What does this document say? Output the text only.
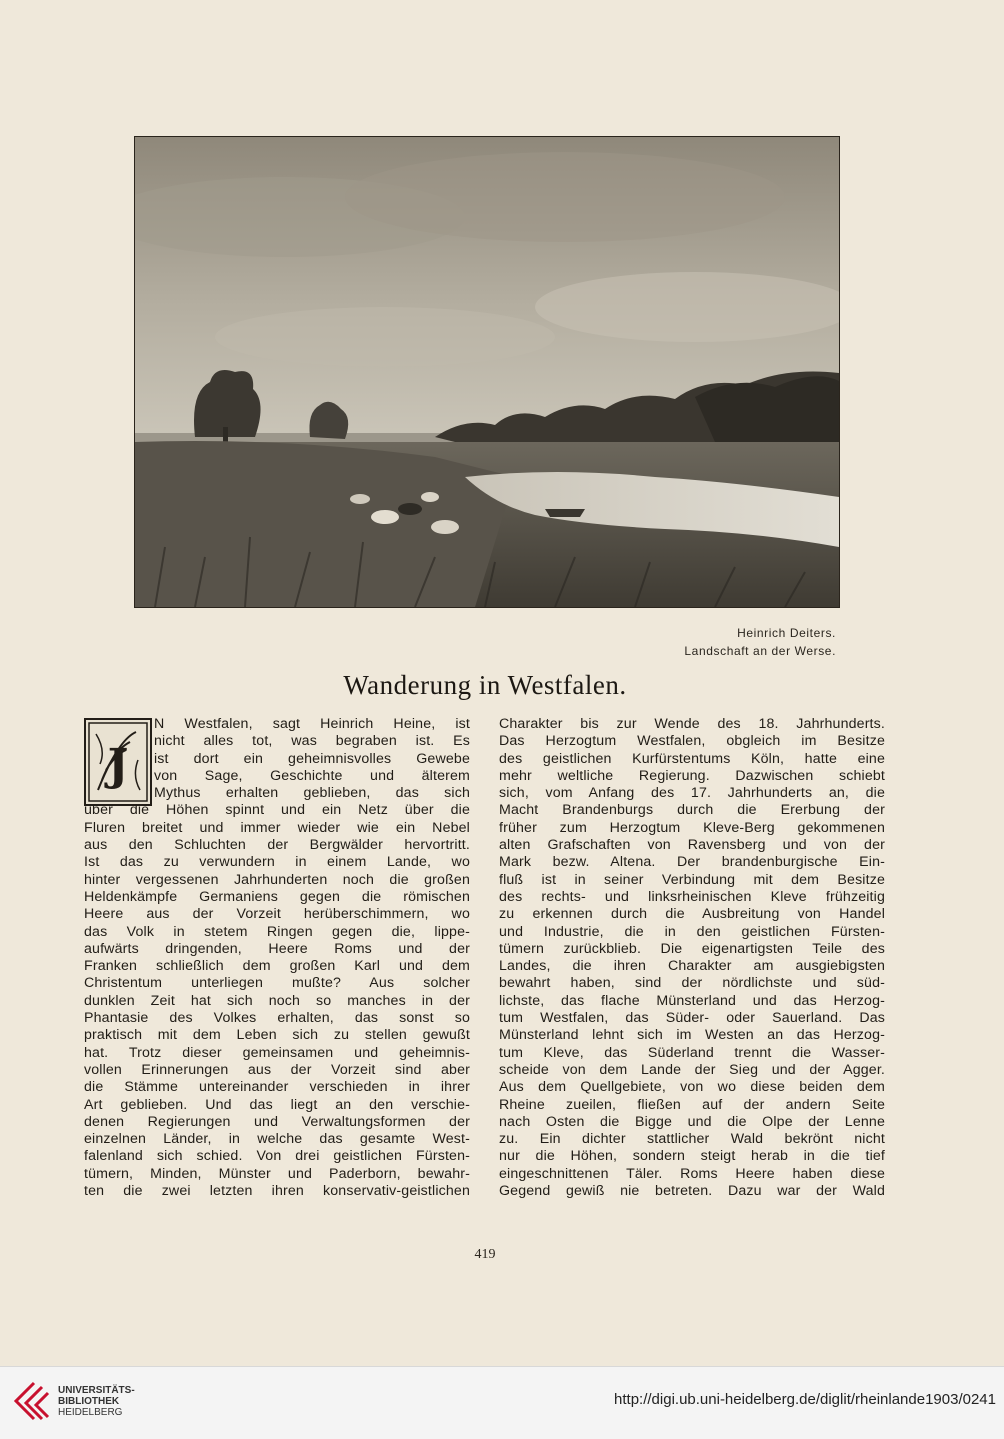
Heinrich Deiters.
Landschaft an der Werse.
Wanderung in Westfalen.
J
N Westfalen, sagt Heinrich Heine, ist
nicht alles tot, was begraben ist. Es
ist dort ein geheimnisvolles Gewebe
von Sage, Geschichte und älterem
Mythus erhalten geblieben, das sich
über die Höhen spinnt und ein Netz über die
Fluren breitet und immer wieder wie ein Nebel
aus den Schluchten der Bergwälder hervortritt.
Ist das zu verwundern in einem Lande, wo
hinter vergessenen Jahrhunderten noch die großen
Heldenkämpfe Germaniens gegen die römischen
Heere aus der Vorzeit herüberschimmern, wo
das Volk in stetem Ringen gegen die, lippe-
aufwärts dringenden, Heere Roms und der
Franken schließlich dem großen Karl und dem
Christentum unterliegen mußte? Aus solcher
dunklen Zeit hat sich noch so manches in der
Phantasie des Volkes erhalten, das sonst so
praktisch mit dem Leben sich zu stellen gewußt
hat. Trotz dieser gemeinsamen und geheimnis-
vollen Erinnerungen aus der Vorzeit sind aber
die Stämme untereinander verschieden in ihrer
Art geblieben. Und das liegt an den verschie-
denen Regierungen und Verwaltungsformen der
einzelnen Länder, in welche das gesamte West-
falenland sich schied. Von drei geistlichen Fürsten-
tümern, Minden, Münster und Paderborn, bewahr-
ten die zwei letzten ihren konservativ-geistlichen
Charakter bis zur Wende des 18. Jahrhunderts.
Das Herzogtum Westfalen, obgleich im Besitze
des geistlichen Kurfürstentums Köln, hatte eine
mehr weltliche Regierung. Dazwischen schiebt
sich, vom Anfang des 17. Jahrhunderts an, die
Macht Brandenburgs durch die Ererbung der
früher zum Herzogtum Kleve-Berg gekommenen
alten Grafschaften von Ravensberg und von der
Mark bezw. Altena. Der brandenburgische Ein-
fluß ist in seiner Verbindung mit dem Besitze
des rechts- und linksrheinischen Kleve frühzeitig
zu erkennen durch die Ausbreitung von Handel
und Industrie, die in den geistlichen Fürsten-
tümern zurückblieb. Die eigenartigsten Teile des
Landes, die ihren Charakter am ausgiebigsten
bewahrt haben, sind der nördlichste und süd-
lichste, das flache Münsterland und das Herzog-
tum Westfalen, das Süder- oder Sauerland. Das
Münsterland lehnt sich im Westen an das Herzog-
tum Kleve, das Süderland trennt die Wasser-
scheide von dem Lande der Sieg und der Agger.
Aus dem Quellgebiete, von wo diese beiden dem
Rheine zueilen, fließen auf der andern Seite
nach Osten die Bigge und die Olpe der Lenne
zu. Ein dichter stattlicher Wald bekrönt nicht
nur die Höhen, sondern steigt herab in die tief
eingeschnittenen Täler. Roms Heere haben diese
Gegend gewiß nie betreten. Dazu war der Wald
419
UNIVERSITÄTS-
BIBLIOTHEK
HEIDELBERG
http://digi.ub.uni-heidelberg.de/diglit/rheinlande1903/0241
